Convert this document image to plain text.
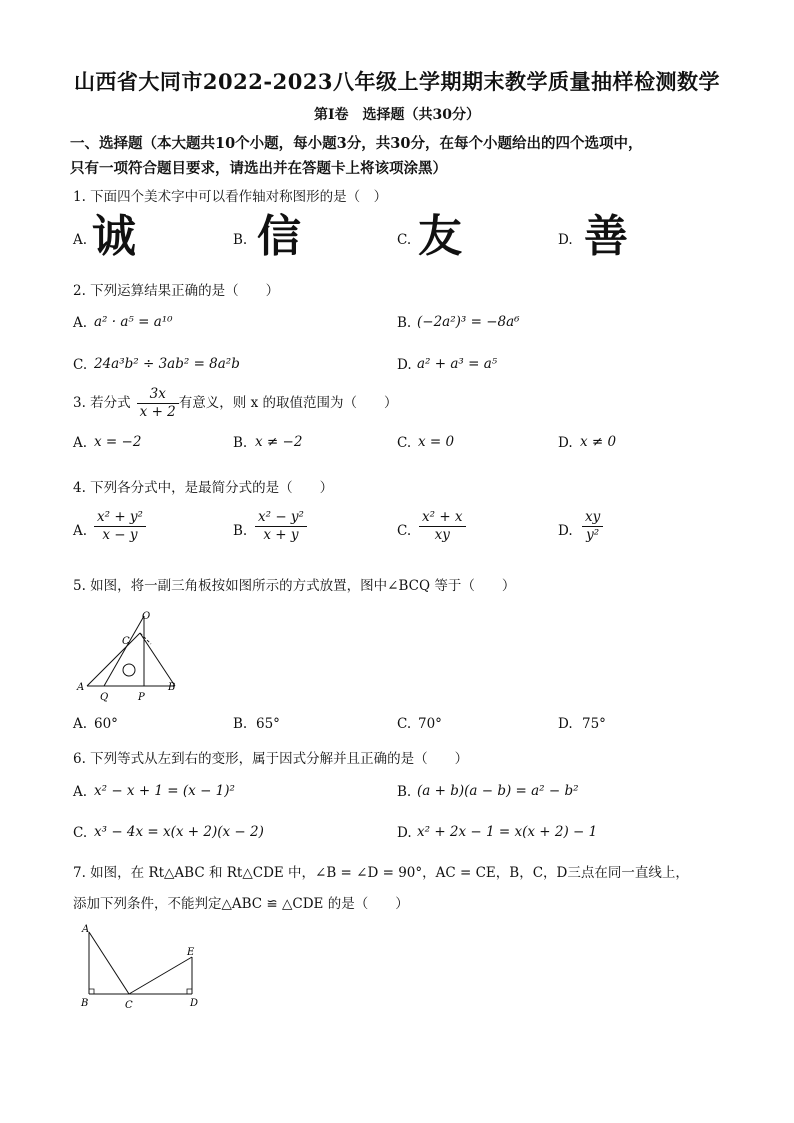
山西省大同市2022-2023八年级上学期期末教学质量抽样检测数学
第Ⅰ卷　选择题（共30分）
一、选择题（本大题共10个小题，每小题3分，共30分，在每个小题给出的四个选项中，
只有一项符合题目要求，请选出并在答题卡上将该项涂黑）
1. 下面四个美术字中可以看作轴对称图形的是（　）
A. 诚	B. 信	C. 友	D. 善
2. 下列运算结果正确的是（　　）
A. a² · a⁵ = a¹⁰	B. (−2a²)³ = −8a⁶
C. 24a³b² ÷ 3ab² = 8a²b	D. a² + a³ = a⁵
3. 若分式 $\frac{3x}{x + 2}$ 有意义，则 x 的取值范围为（　　）
A. x = −2	B. x ≠ −2	C. x = 0	D. x ≠ 0
4. 下列各分式中，是最简分式的是（　　）
A. $\frac{\text{x² + y²}}{x - y}$	B. $\frac{\text{x² − y²}}{x + y}$	C. $\frac{\text{x² + x}}{xy}$	D. $\frac{xy}{\text{y²}}$
5. 如图，将一副三角板按如图所示的方式放置，图中∠BCQ 等于（　　）
O
C
A
Q	P
B
A. 60°	B. 65°	C. 70°	D. 75°
6. 下列等式从左到右的变形，属于因式分解并且正确的是（　　）
A. x² − x + 1 = (x − 1)²	B. (a + b)(a − b) = a² − b²
C. x³ − 4x = x(x + 2)(x − 2)	D. x² + 2x − 1 = x(x + 2) − 1
7. 如图，在 Rt△ABC 和 Rt△CDE 中，∠B = ∠D = 90°，AC = CE，B，C，D三点在同一直线上，
添加下列条件，不能判定△ABC ≌ △CDE 的是（　　）
A
B	C	D
E
